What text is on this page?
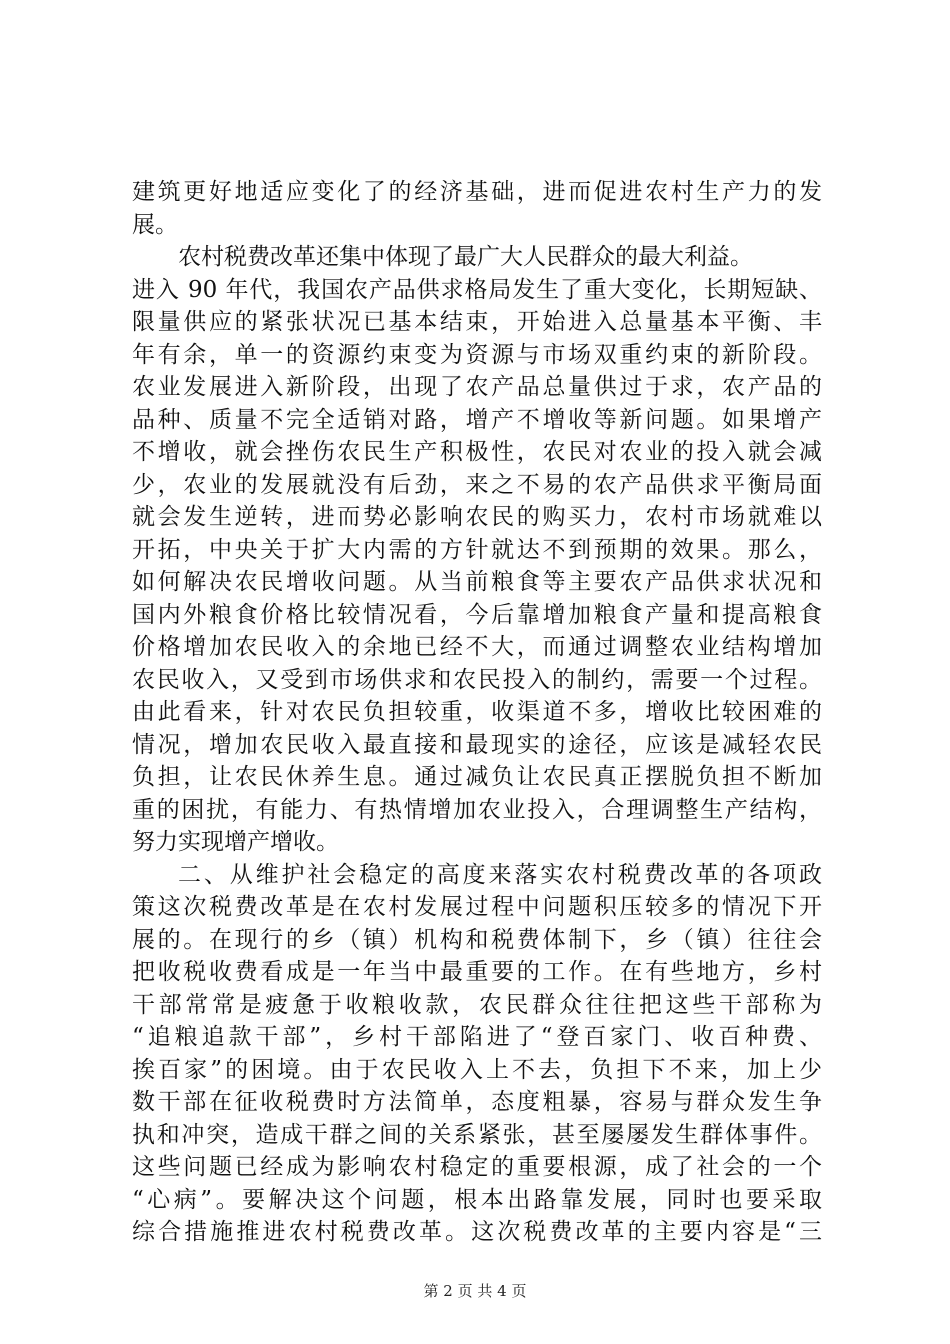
建筑更好地适应变化了的经济基础，进而促进农村生产力的发
展。
农村税费改革还集中体现了最广大人民群众的最大利益。
进入 90 年代，我国农产品供求格局发生了重大变化，长期短缺、
限量供应的紧张状况已基本结束，开始进入总量基本平衡、丰
年有余，单一的资源约束变为资源与市场双重约束的新阶段。
农业发展进入新阶段，出现了农产品总量供过于求，农产品的
品种、质量不完全适销对路，增产不增收等新问题。如果增产
不增收，就会挫伤农民生产积极性，农民对农业的投入就会减
少，农业的发展就没有后劲，来之不易的农产品供求平衡局面
就会发生逆转，进而势必影响农民的购买力，农村市场就难以
开拓，中央关于扩大内需的方针就达不到预期的效果。那么，
如何解决农民增收问题。从当前粮食等主要农产品供求状况和
国内外粮食价格比较情况看，今后靠增加粮食产量和提高粮食
价格增加农民收入的余地已经不大，而通过调整农业结构增加
农民收入，又受到市场供求和农民投入的制约，需要一个过程。
由此看来，针对农民负担较重，收渠道不多，增收比较困难的
情况，增加农民收入最直接和最现实的途径，应该是减轻农民
负担，让农民休养生息。通过减负让农民真正摆脱负担不断加
重的困扰，有能力、有热情增加农业投入，合理调整生产结构，
努力实现增产增收。
二、从维护社会稳定的高度来落实农村税费改革的各项政
策这次税费改革是在农村发展过程中问题积压较多的情况下开
展的。在现行的乡（镇）机构和税费体制下，乡（镇）往往会
把收税收费看成是一年当中最重要的工作。在有些地方，乡村
干部常常是疲惫于收粮收款，农民群众往往把这些干部称为
“追粮追款干部”，乡村干部陷进了“登百家门、收百种费、
挨百家”的困境。由于农民收入上不去，负担下不来，加上少
数干部在征收税费时方法简单，态度粗暴，容易与群众发生争
执和冲突，造成干群之间的关系紧张，甚至屡屡发生群体事件。
这些问题已经成为影响农村稳定的重要根源，成了社会的一个
“心病”。要解决这个问题，根本出路靠发展，同时也要采取
综合措施推进农村税费改革。这次税费改革的主要内容是“三
第 2 页 共 4 页
